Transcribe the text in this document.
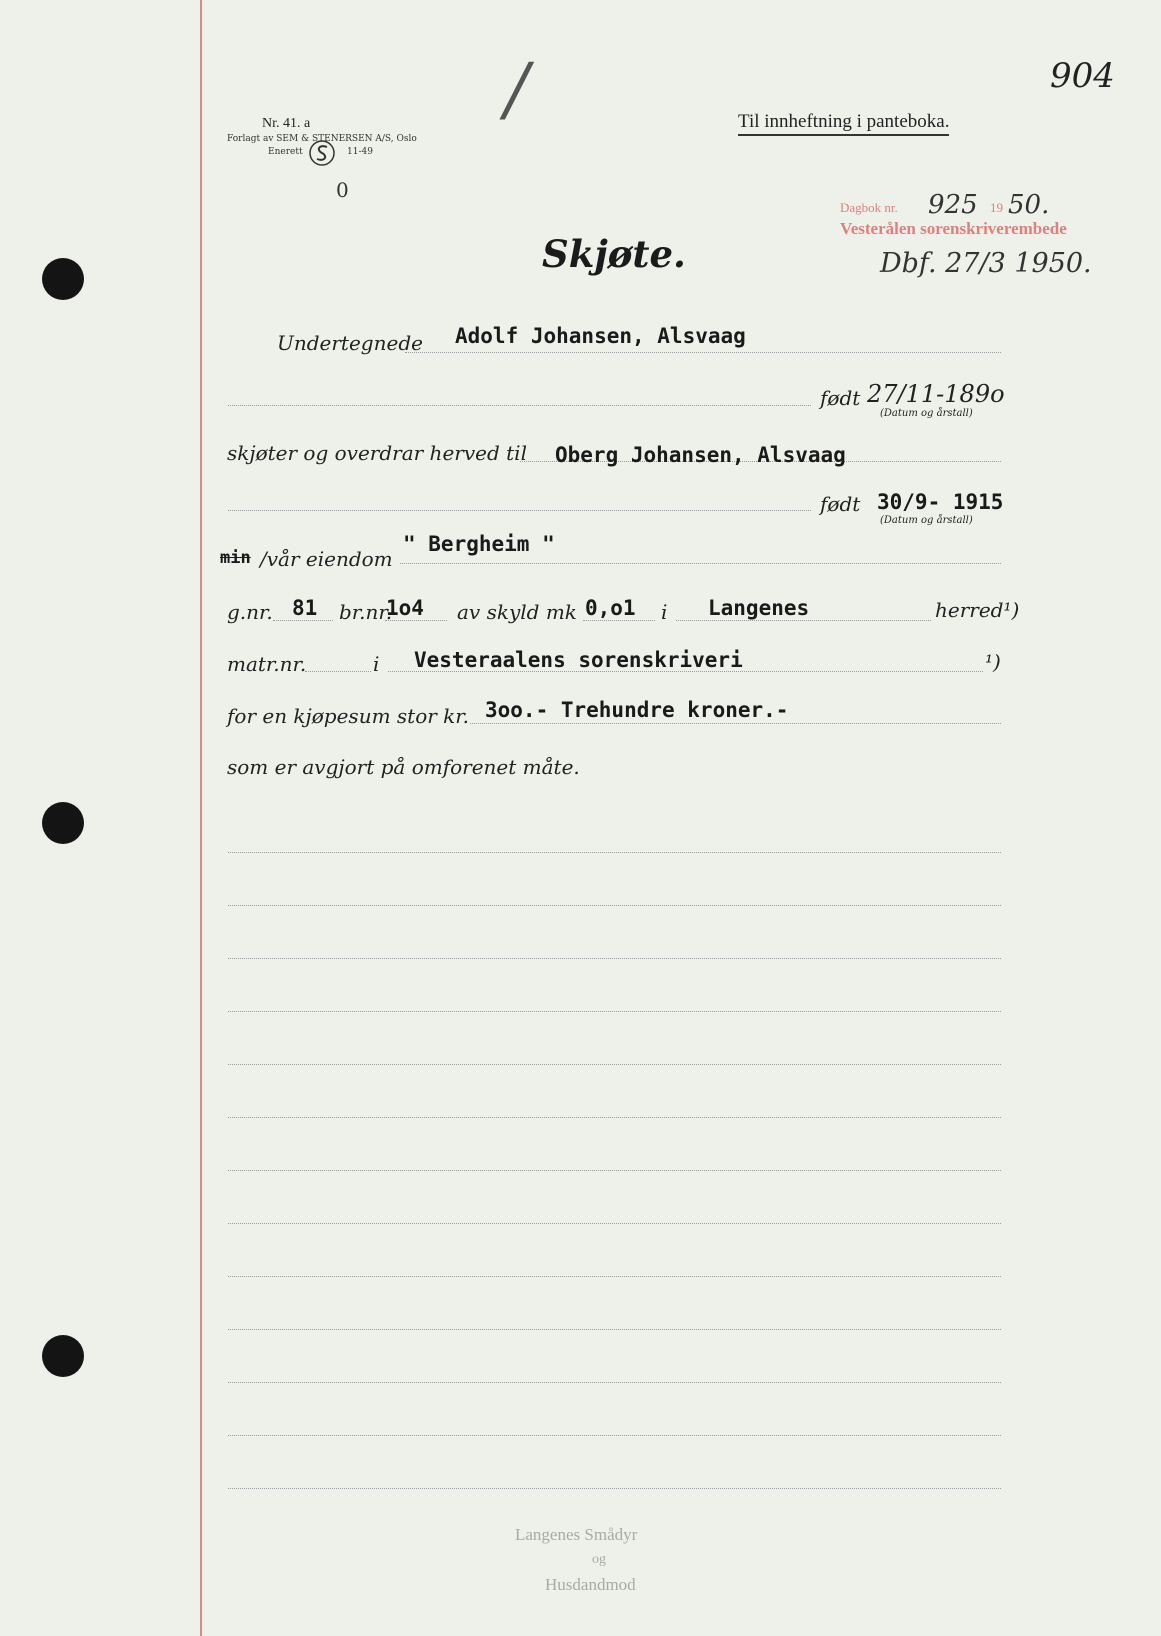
Nr. 41. a
Forlagt av SEM & STENERSEN A/S, Oslo
Enerett	11-49
0
/	Til innheftning i panteboka.
904
Dagbok nr. 925 19 50.
Vesterålen sorenskriverembede
Dbf. 27/3 1950.
Skjøte.
Undertegnede Adolf Johansen, Alsvaag
født 27/11-189o
(Datum og årstall)
skjøter og overdrar herved til Oberg Johansen, Alsvaag
født 30/9- 1915
(Datum og årstall)
min /vår eiendom
" Bergheim "
g.nr. 81 br.nr.
1o4 av skyld mk 0,o1 i Langenes	herred¹)
matr.nr.	i Vesteraalens sorenskriveri	¹)
for en kjøpesum stor kr. 3oo.- Trehundre kroner.-
som er avgjort på omforenet måte.
Langenes Smådyr
og
Husdandmod
